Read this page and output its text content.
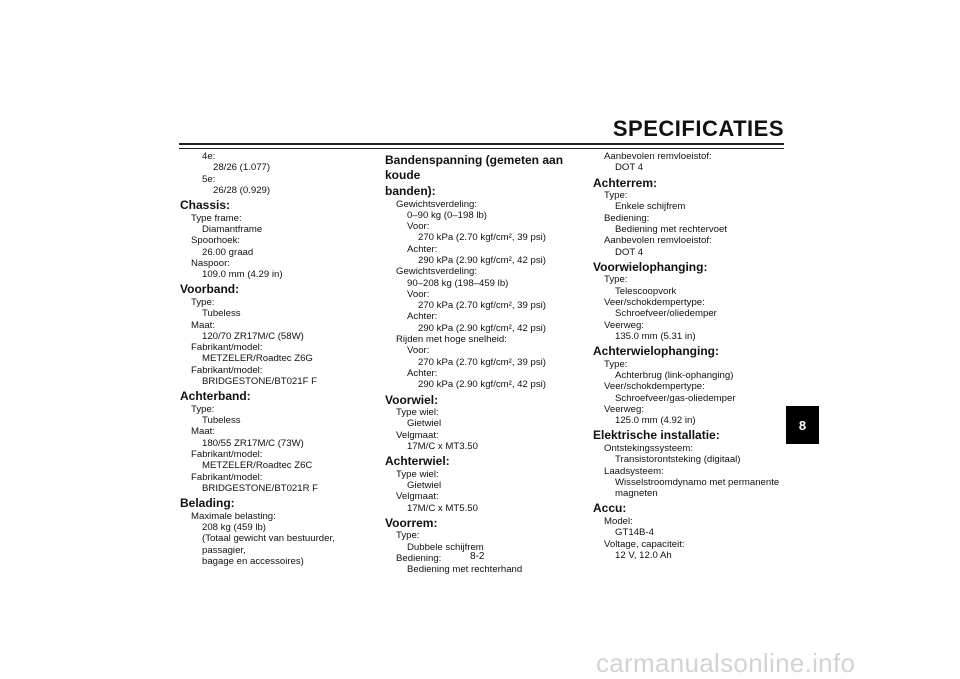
SPECIFICATIES
4e:
28/26 (1.077)
5e:
26/28 (0.929)
Chassis:
Type frame:
Diamantframe
Spoorhoek:
26.00 graad
Naspoor:
109.0 mm (4.29 in)
Voorband:
Type:
Tubeless
Maat:
120/70 ZR17M/C (58W)
Fabrikant/model:
METZELER/Roadtec Z6G
Fabrikant/model:
BRIDGESTONE/BT021F F
Achterband:
Type:
Tubeless
Maat:
180/55 ZR17M/C (73W)
Fabrikant/model:
METZELER/Roadtec Z6C
Fabrikant/model:
BRIDGESTONE/BT021R F
Belading:
Maximale belasting:
208 kg (459 lb)
(Totaal gewicht van bestuurder, passagier,
bagage en accessoires)
Bandenspanning (gemeten aan koude
banden):
Gewichtsverdeling:
0–90 kg (0–198 lb)
Voor:
270 kPa (2.70 kgf/cm², 39 psi)
Achter:
290 kPa (2.90 kgf/cm², 42 psi)
Gewichtsverdeling:
90–208 kg (198–459 lb)
Voor:
270 kPa (2.70 kgf/cm², 39 psi)
Achter:
290 kPa (2.90 kgf/cm², 42 psi)
Rijden met hoge snelheid:
Voor:
270 kPa (2.70 kgf/cm², 39 psi)
Achter:
290 kPa (2.90 kgf/cm², 42 psi)
Voorwiel:
Type wiel:
Gietwiel
Velgmaat:
17M/C x MT3.50
Achterwiel:
Type wiel:
Gietwiel
Velgmaat:
17M/C x MT5.50
Voorrem:
Type:
Dubbele schijfrem
Bediening:
Bediening met rechterhand
Aanbevolen remvloeistof:
DOT 4
Achterrem:
Type:
Enkele schijfrem
Bediening:
Bediening met rechtervoet
Aanbevolen remvloeistof:
DOT 4
Voorwielophanging:
Type:
Telescoopvork
Veer/schokdempertype:
Schroefveer/oliedemper
Veerweg:
135.0 mm (5.31 in)
Achterwielophanging:
Type:
Achterbrug (link-ophanging)
Veer/schokdempertype:
Schroefveer/gas-oliedemper
Veerweg:
125.0 mm (4.92 in)
Elektrische installatie:
Ontstekingssysteem:
Transistorontsteking (digitaal)
Laadsysteem:
Wisselstroomdynamo met permanente
magneten
Accu:
Model:
GT14B-4
Voltage, capaciteit:
12 V, 12.0 Ah
8-2
8
carmanualsonline.info
